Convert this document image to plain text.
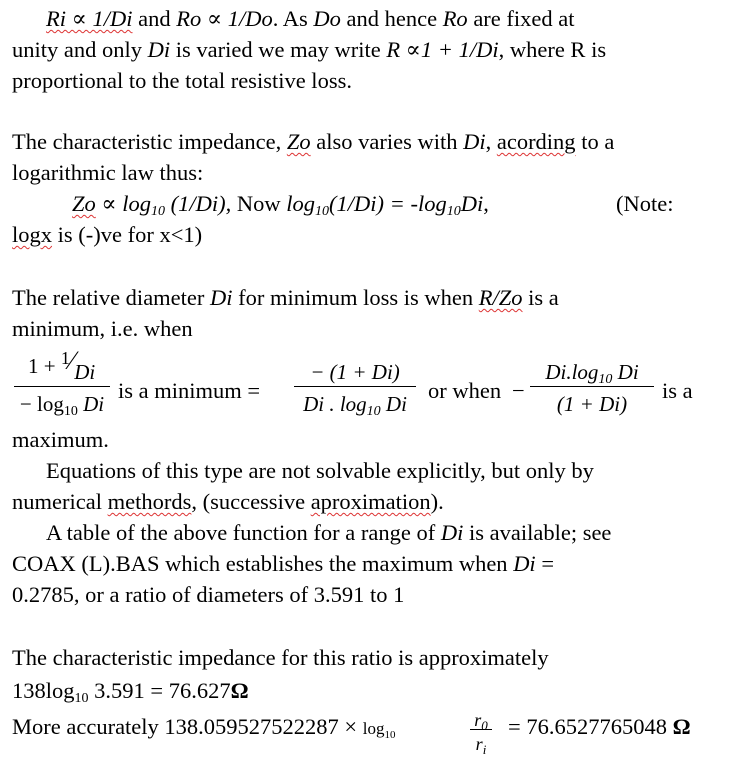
Ri ∝ 1/Di and Ro ∝ 1/Do. As Do and hence Ro are fixed at
unity and only Di is varied we may write R ∝1 + 1/Di, where R is
proportional to the total resistive loss.
The characteristic impedance, Zo also varies with Di, acording to a
logarithmic law thus:
$Zo \propto \log_{10} (1/Di)$, Now $\log_{10}(1/Di) = -\log_{10}Di$,	(Note:
logx is (-)ve for x<1)
The relative diameter Di for minimum loss is when R/Zo is a
minimum, i.e. when
1 + 1⁄Di
− $\log_{10} Di$
is a minimum =
− (1 + Di)
Di . $\log_{10} Di$
or when −
$Di.\log_{10}$ Di
(1 + Di)
is a
maximum.
Equations of this type are not solvable explicitly, but only by
numerical methords, (successive aproximation).
A table of the above function for a range of Di is available; see
COAX (L).BAS which establishes the maximum when Di =
0.2785, or a ratio of diameters of 3.591 to 1
The characteristic impedance for this ratio is approximately
$138\log_{10}$ 3.591 = 76.627Ω
More accurately $138.059527522287 \times \log_{10}$
$r_0$
$r_i$
= 76.6527765048 Ω
